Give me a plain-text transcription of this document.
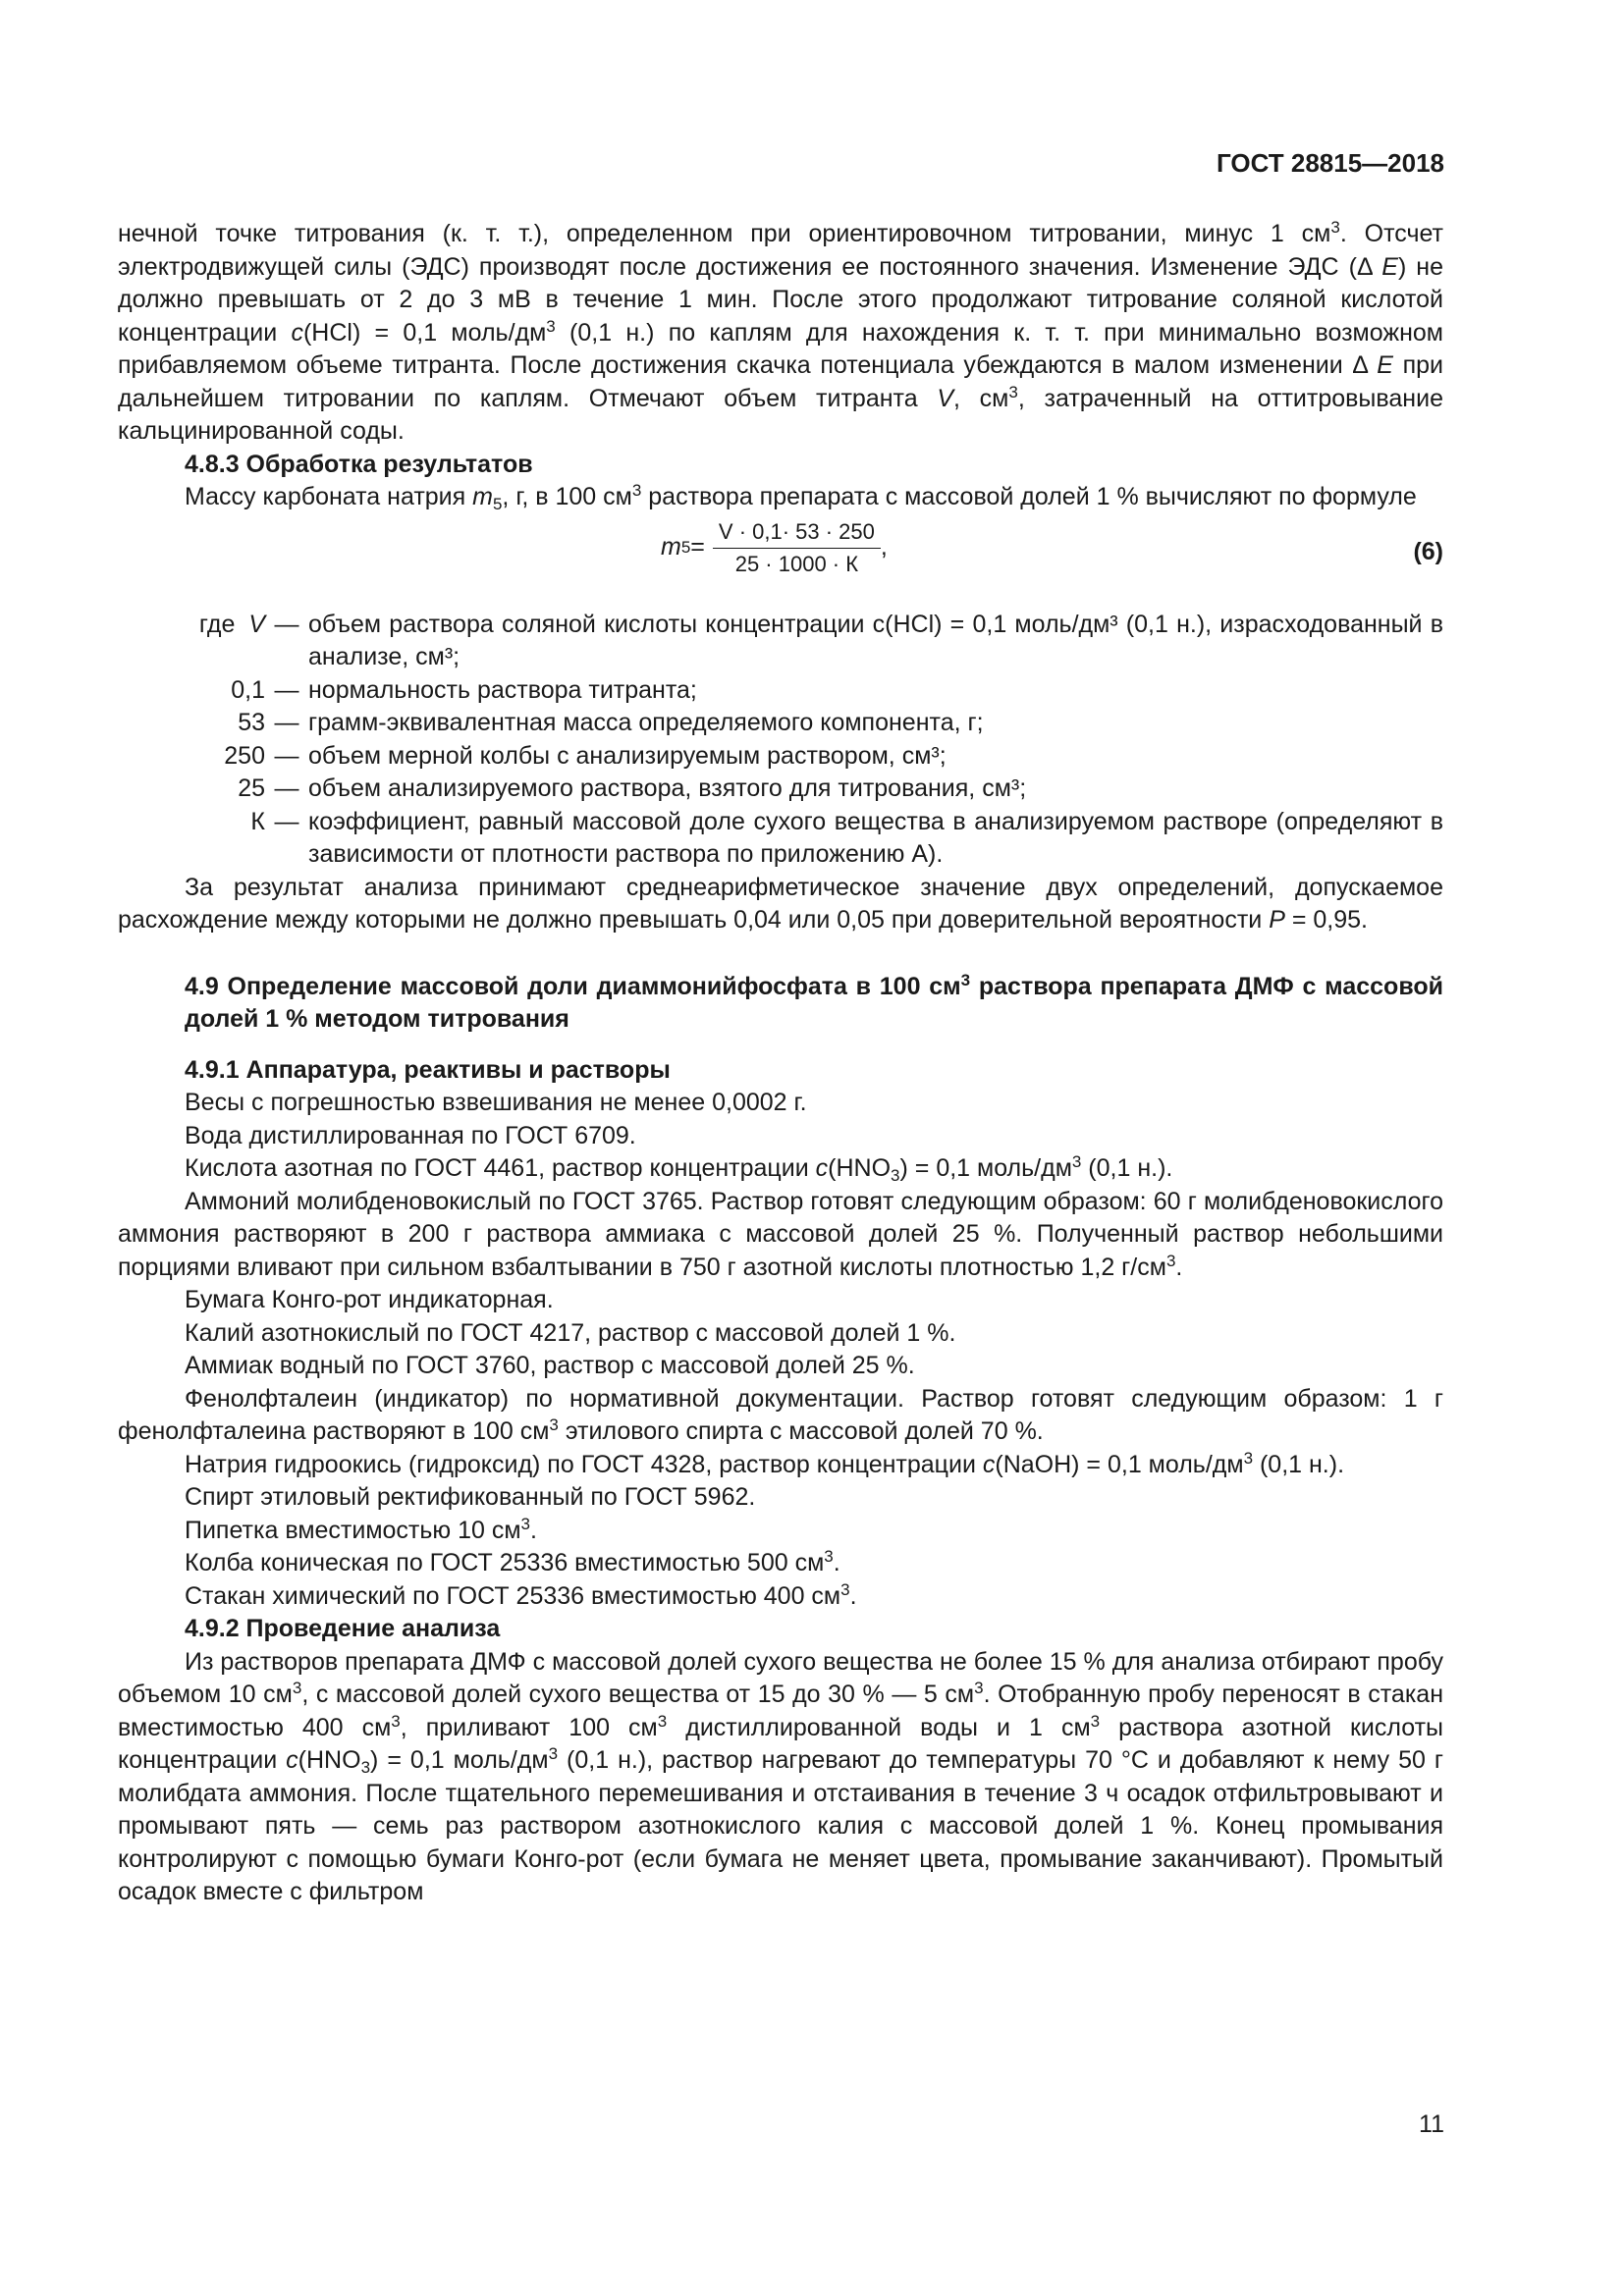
ГОСТ 28815—2018

нечной точке титрования (к. т. т.), определенном при ориентировочном титровании, минус 1 $см^3$. Отсчет электродвижущей силы (ЭДС) производят после достижения ее постоянного значения. Изменение ЭДС (Δ E) не должно превышать от 2 до 3 мВ в течение 1 мин. После этого продолжают титрование соляной кислотой концентрации с(HCl) = 0,1 моль/$дм^3$ (0,1 н.) по каплям для нахождения к. т. т. при минимально возможном прибавляемом объеме титранта. После достижения скачка потенциала убеждаются в малом изменении Δ E при дальнейшем титровании по каплям. Отмечают объем титранта V, $см^3$, затраченный на оттитровывание кальцинированной соды.

4.8.3 Обработка результатов

Массу карбоната натрия $m_5$, г, в 100 $см^3$ раствора препарата с массовой долей 1 % вычисляют по формуле

m $5 = \frac{V \cdot 0,1\cdot 53 \cdot 250}{25 \cdot 1000 \cdot К}$ ,	(6)
где V — объем раствора соляной кислоты концентрации с(HCl) = 0,1 моль/дм³ (0,1 н.), израсходованный в анализе, см³;
0,1 — нормальность раствора титранта;
53 — грамм-эквивалентная масса определяемого компонента, г;
250 — объем мерной колбы с анализируемым раствором, см³;
25 — объем анализируемого раствора, взятого для титрования, см³;
К — коэффициент, равный массовой доле сухого вещества в анализируемом растворе (определяют в зависимости от плотности раствора по приложению А).

За результат анализа принимают среднеарифметическое значение двух определений, допускаемое расхождение между которыми не должно превышать 0,04 или 0,05 при доверительной вероятности P = 0,95.

4.9 Определение массовой доли диаммонийфосфата в 100 $см^3$ раствора препарата ДМФ с массовой долей 1 % методом титрования

4.9.1 Аппаратура, реактивы и растворы

Весы с погрешностью взвешивания не менее 0,0002 г.

Вода дистиллированная по ГОСТ 6709.

Кислота азотная по ГОСТ 4461, раствор концентрации $с(HNO_3) = 0,1$ моль/$дм^3$ (0,1 н.).

Аммоний молибденовокислый по ГОСТ 3765. Раствор готовят следующим образом: 60 г молибденовокислого аммония растворяют в 200 г раствора аммиака с массовой долей 25 %. Полученный раствор небольшими порциями вливают при сильном взбалтывании в 750 г азотной кислоты плотностью 1,2 $г/см^3$.

Бумага Конго-рот индикаторная.

Калий азотнокислый по ГОСТ 4217, раствор с массовой долей 1 %.

Аммиак водный по ГОСТ 3760, раствор с массовой долей 25 %.

Фенолфталеин (индикатор) по нормативной документации. Раствор готовят следующим образом: 1 г фенолфталеина растворяют в 100 $см^3$ этилового спирта с массовой долей 70 %.

Натрия гидроокись (гидроксид) по ГОСТ 4328, раствор концентрации с(NaOH) = 0,1 моль/$дм^3$ (0,1 н.).

Спирт этиловый ректификованный по ГОСТ 5962.

Пипетка вместимостью 10 $см^3$.

Колба коническая по ГОСТ 25336 вместимостью 500 $см^3$.

Стакан химический по ГОСТ 25336 вместимостью 400 $см^3$.

4.9.2 Проведение анализа

Из растворов препарата ДМФ с массовой долей сухого вещества не более 15 % для анализа отбирают пробу объемом 10 $см^3$, с массовой долей сухого вещества от 15 до 30 % — 5 $см^3$. Отобранную пробу переносят в стакан вместимостью 400 $см^3$, приливают 100 $см^3$ дистиллированной воды и 1 $см^3$ раствора азотной кислоты концентрации $с(HNO_3) = 0,1$ моль/$дм^3$ (0,1 н.), раствор нагревают до температуры 70 °С и добавляют к нему 50 г молибдата аммония. После тщательного перемешивания и отстаивания в течение 3 ч осадок отфильтровывают и промывают пять — семь раз раствором азотнокислого калия с массовой долей 1 %. Конец промывания контролируют с помощью бумаги Конго-рот (если бумага не меняет цвета, промывание заканчивают). Промытый осадок вместе с фильтром

11
